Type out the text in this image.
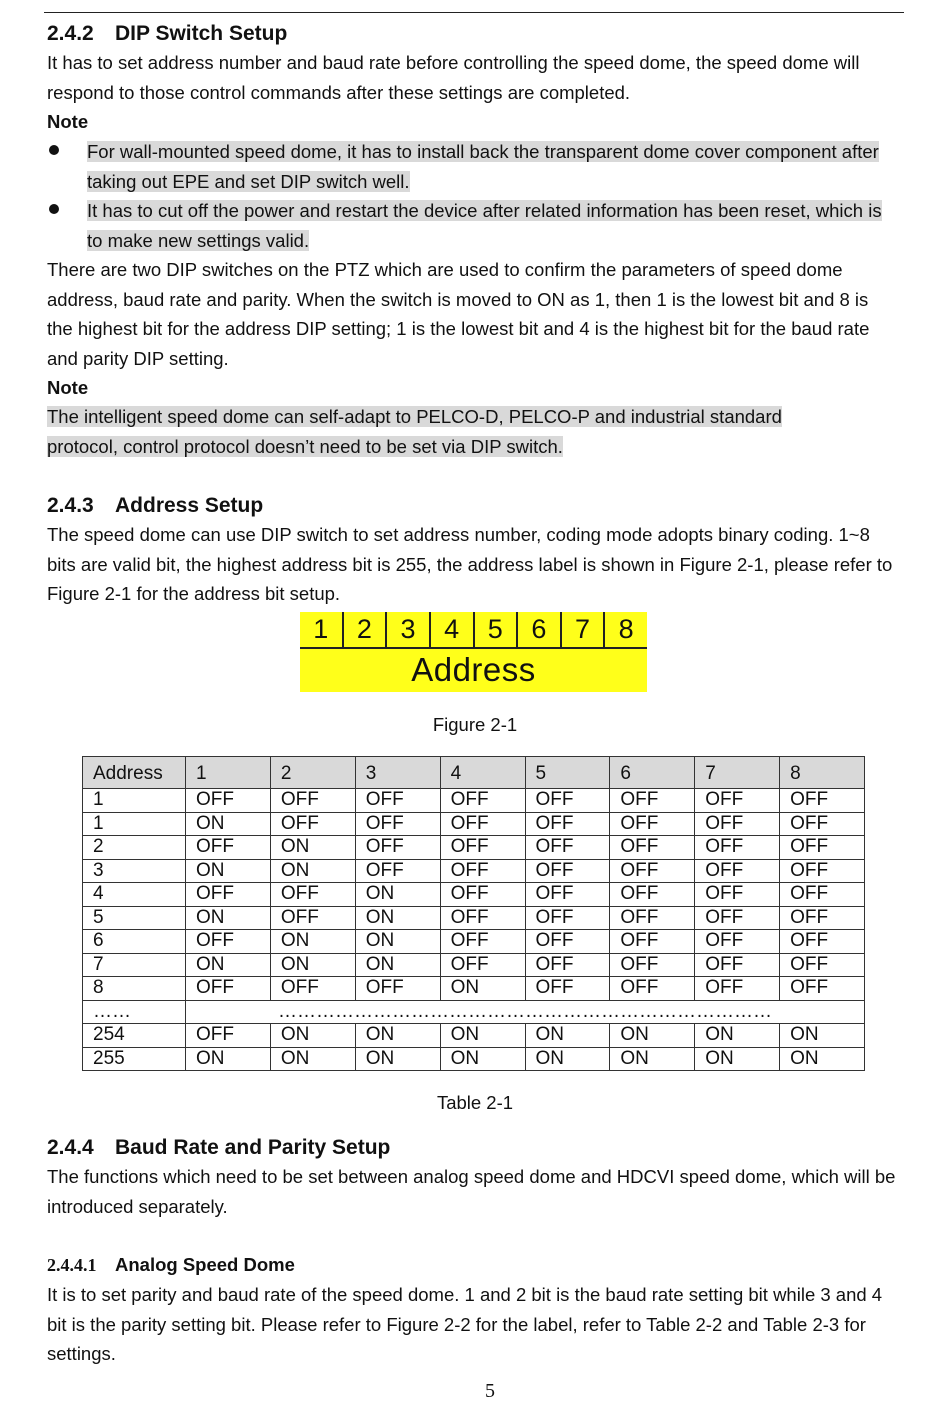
2.4.2 DIP Switch Setup

It has to set address number and baud rate before controlling the speed dome, the speed dome will respond to those control commands after these settings are completed.

Note
For wall-mounted speed dome, it has to install back the transparent dome cover component after taking out EPE and set DIP switch well.
It has to cut off the power and restart the device after related information has been reset, which is to make new settings valid.

There are two DIP switches on the PTZ which are used to confirm the parameters of speed dome address, baud rate and parity. When the switch is moved to ON as 1, then 1 is the lowest bit and 8 is the highest bit for the address DIP setting; 1 is the lowest bit and 4 is the highest bit for the baud rate and parity DIP setting.

Note

The intelligent speed dome can self-adapt to PELCO-D, PELCO-P and industrial standard protocol, control protocol doesn’t need to be set via DIP switch.

2.4.3 Address Setup

The speed dome can use DIP switch to set address number, coding mode adopts binary coding. 1~8 bits are valid bit, the highest address bit is 255, the address label is shown in Figure 2-1, please refer to Figure 2-1 for the address bit setup.

1	2	3	4	5	6	7	8
Address
Figure 2-1
Address	1	2	3	4	5	6	7	8
1	OFF	OFF	OFF	OFF	OFF	OFF	OFF	OFF
1	ON	OFF	OFF	OFF	OFF	OFF	OFF	OFF
2	OFF	ON	OFF	OFF	OFF	OFF	OFF	OFF
3	ON	ON	OFF	OFF	OFF	OFF	OFF	OFF
4	OFF	OFF	ON	OFF	OFF	OFF	OFF	OFF
5	ON	OFF	ON	OFF	OFF	OFF	OFF	OFF
6	OFF	ON	ON	OFF	OFF	OFF	OFF	OFF
7	ON	ON	ON	OFF	OFF	OFF	OFF	OFF
8	OFF	OFF	OFF	ON	OFF	OFF	OFF	OFF
……	……………………………………………………………………							
254	OFF	ON	ON	ON	ON	ON	ON	ON
255	ON	ON	ON	ON	ON	ON	ON	ON
Table 2-1
2.4.4 Baud Rate and Parity Setup

The functions which need to be set between analog speed dome and HDCVI speed dome, which will be introduced separately.

2.4.4.1 Analog Speed Dome

It is to set parity and baud rate of the speed dome. 1 and 2 bit is the baud rate setting bit while 3 and 4 bit is the parity setting bit. Please refer to Figure 2-2 for the label, refer to Table 2-2 and Table 2-3 for settings.

5
